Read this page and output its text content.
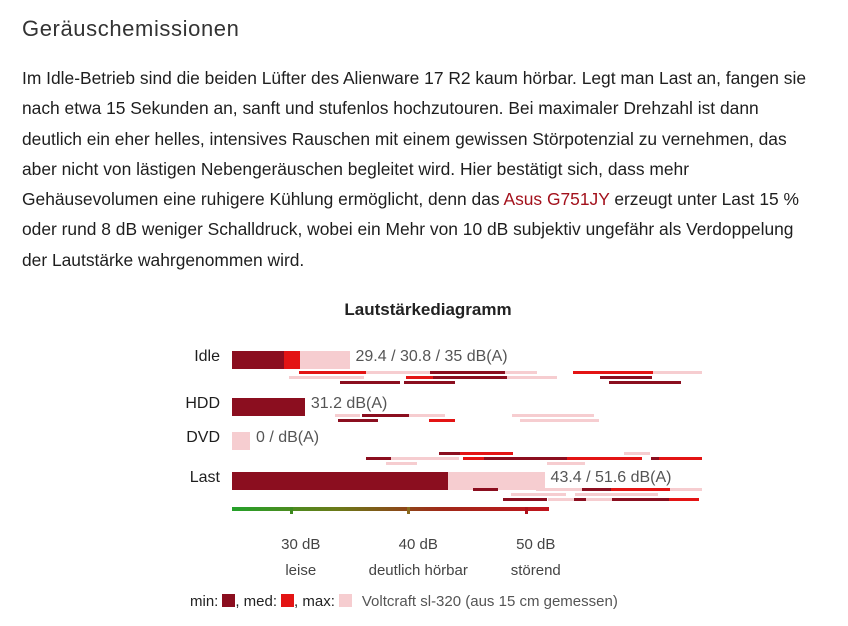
Geräuschemissionen

Im Idle-Betrieb sind die beiden Lüfter des Alienware 17 R2 kaum hörbar. Legt man Last an, fangen sie nach etwa 15 Sekunden an, sanft und stufenlos hochzutouren. Bei maximaler Drehzahl ist dann deutlich ein eher helles, intensives Rauschen mit einem gewissen Störpotenzial zu vernehmen, das aber nicht von lästigen Nebengeräuschen begleitet wird. Hier bestätigt sich, dass mehr Gehäusevolumen eine ruhigere Kühlung ermöglicht, denn das Asus G751JY erzeugt unter Last 15 % oder rund 8 dB weniger Schalldruck, wobei ein Mehr von 10 dB subjektiv ungefähr als Verdoppelung der Lautstärke wahrgenommen wird.

Lautstärkediagramm
Idle	29.4 / 30.8 / 35 dB(A)
HDD	31.2 dB(A)
DVD 0 / dB(A)
Last	43.4 / 51.6 dB(A)
30 dB
leise
40 dB
deutlich hörbar
50 dB
störend
min: , med: , max: Voltcraft sl-320 (aus 15 cm gemessen)
